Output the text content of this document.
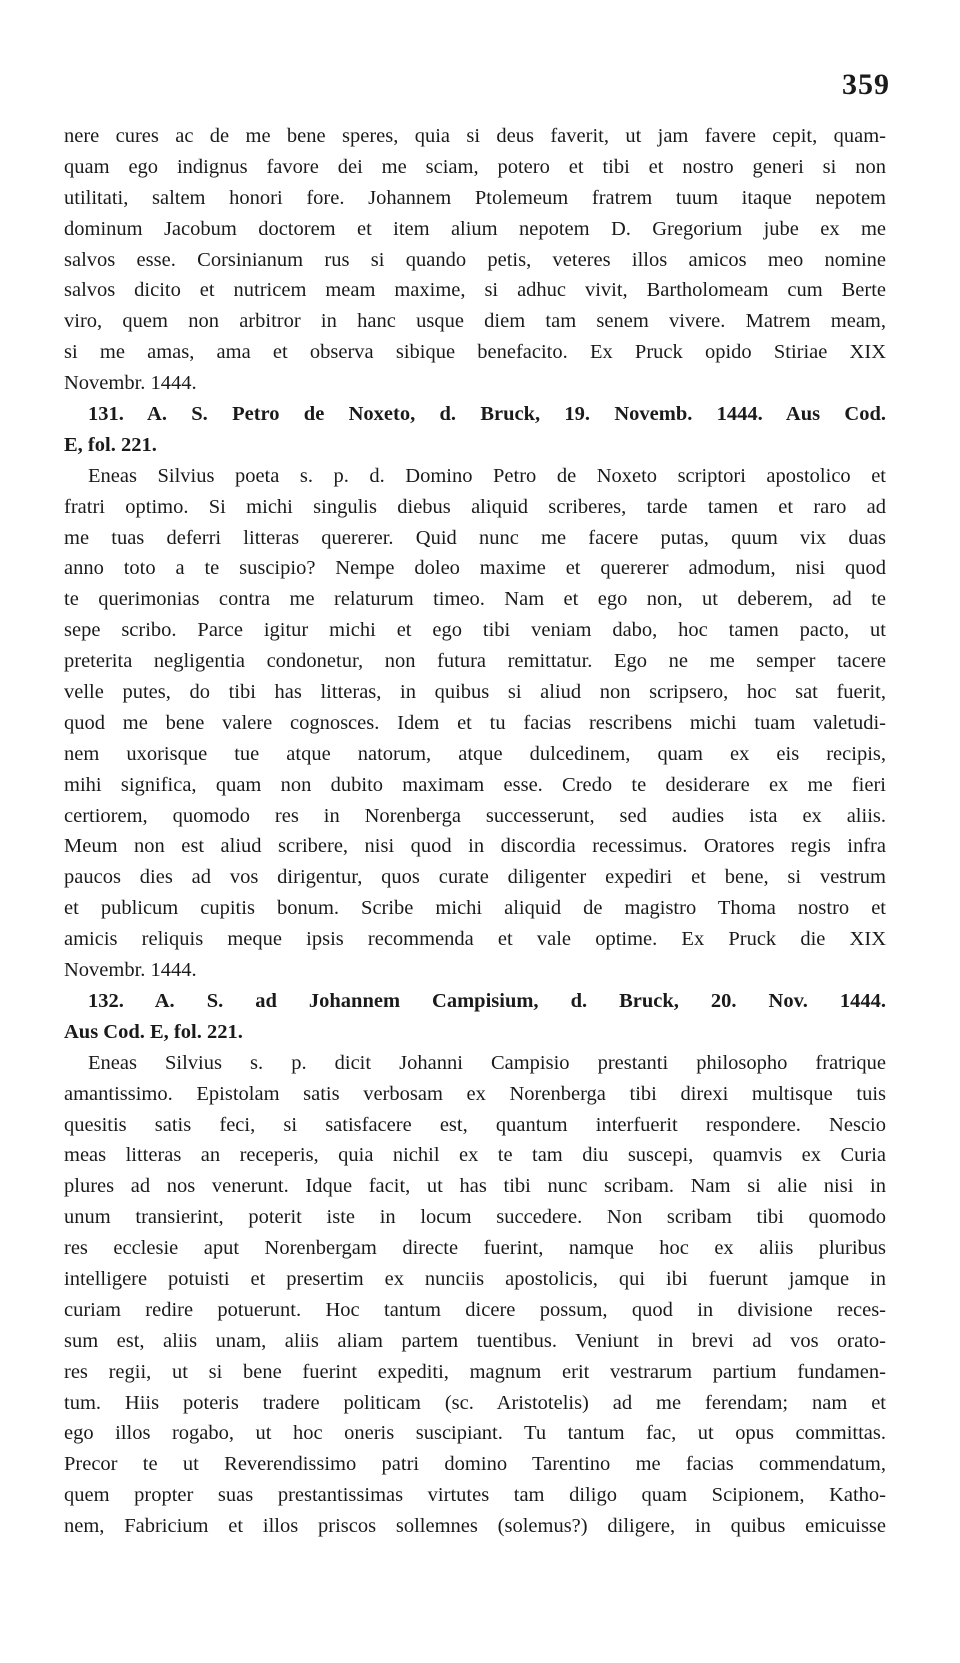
359
nere cures ac de me bene speres, quia si deus faverit, ut jam favere cepit, quam-
quam ego indignus favore dei me sciam, potero et tibi et nostro generi si non
utilitati, saltem honori fore. Johannem Ptolemeum fratrem tuum itaque nepotem
dominum Jacobum doctorem et item alium nepotem D. Gregorium jube ex me
salvos esse. Corsinianum rus si quando petis, veteres illos amicos meo nomine
salvos dicito et nutricem meam maxime, si adhuc vivit, Bartholomeam cum Berte
viro, quem non arbitror in hanc usque diem tam senem vivere. Matrem meam,
si me amas, ama et observa sibique benefacito. Ex Pruck opido Stiriae XIX
Novembr. 1444.
131. A. S. Petro de Noxeto, d. Bruck, 19. Novemb. 1444. Aus Cod.
E, fol. 221.
Eneas Silvius poeta s. p. d. Domino Petro de Noxeto scriptori apostolico et
fratri optimo. Si michi singulis diebus aliquid scriberes, tarde tamen et raro ad
me tuas deferri litteras quererer. Quid nunc me facere putas, quum vix duas
anno toto a te suscipio? Nempe doleo maxime et quererer admodum, nisi quod
te querimonias contra me relaturum timeo. Nam et ego non, ut deberem, ad te
sepe scribo. Parce igitur michi et ego tibi veniam dabo, hoc tamen pacto, ut
preterita negligentia condonetur, non futura remittatur. Ego ne me semper tacere
velle putes, do tibi has litteras, in quibus si aliud non scripsero, hoc sat fuerit,
quod me bene valere cognosces. Idem et tu facias rescribens michi tuam valetudi-
nem uxorisque tue atque natorum, atque dulcedinem, quam ex eis recipis,
mihi significa, quam non dubito maximam esse. Credo te desiderare ex me fieri
certiorem, quomodo res in Norenberga successerunt, sed audies ista ex aliis.
Meum non est aliud scribere, nisi quod in discordia recessimus. Oratores regis infra
paucos dies ad vos dirigentur, quos curate diligenter expediri et bene, si vestrum
et publicum cupitis bonum. Scribe michi aliquid de magistro Thoma nostro et
amicis reliquis meque ipsis recommenda et vale optime. Ex Pruck die XIX
Novembr. 1444.
132. A. S. ad Johannem Campisium, d. Bruck, 20. Nov. 1444.
Aus Cod. E, fol. 221.
Eneas Silvius s. p. dicit Johanni Campisio prestanti philosopho fratrique
amantissimo. Epistolam satis verbosam ex Norenberga tibi direxi multisque tuis
quesitis satis feci, si satisfacere est, quantum interfuerit respondere. Nescio
meas litteras an receperis, quia nichil ex te tam diu suscepi, quamvis ex Curia
plures ad nos venerunt. Idque facit, ut has tibi nunc scribam. Nam si alie nisi in
unum transierint, poterit iste in locum succedere. Non scribam tibi quomodo
res ecclesie aput Norenbergam directe fuerint, namque hoc ex aliis pluribus
intelligere potuisti et presertim ex nunciis apostolicis, qui ibi fuerunt jamque in
curiam redire potuerunt. Hoc tantum dicere possum, quod in divisione reces-
sum est, aliis unam, aliis aliam partem tuentibus. Veniunt in brevi ad vos orato-
res regii, ut si bene fuerint expediti, magnum erit vestrarum partium fundamen-
tum. Hiis poteris tradere politicam (sc. Aristotelis) ad me ferendam; nam et
ego illos rogabo, ut hoc oneris suscipiant. Tu tantum fac, ut opus committas.
Precor te ut Reverendissimo patri domino Tarentino me facias commendatum,
quem propter suas prestantissimas virtutes tam diligo quam Scipionem, Katho-
nem, Fabricium et illos priscos sollemnes (solemus?) diligere, in quibus emicuisse
